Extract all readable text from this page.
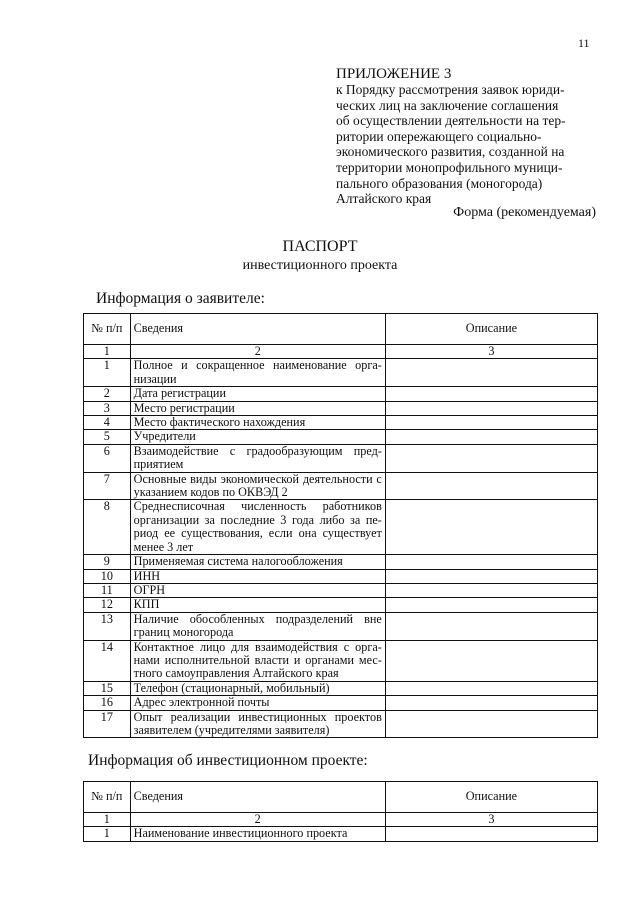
11
ПРИЛОЖЕНИЕ 3
к Порядку рассмотрения заявок юриди-
ческих лиц на заключение соглашения
об осуществлении деятельности на тер-
ритории опережающего социально-
экономического развития, созданной на
территории монопрофильного муници-
пального образования (моногорода)
Алтайского края
Форма (рекомендуемая)
ПАСПОРТ
инвестиционного проекта
Информация о заявителе:
№ п/п	Сведения	Описание
1	2	3
1	Полное и сокращенное наименование орга-низации	
2	Дата регистрации	
3	Место регистрации	
4	Место фактического нахождения	
5	Учредители	
6	Взаимодействие с градообразующим пред-приятием	
7	Основные виды экономической деятельности с указанием кодов по ОКВЭД 2	
8	Среднесписочная численность работников организации за последние 3 года либо за пе-риод ее существования, если она существует менее 3 лет	
9	Применяемая система налогообложения	
10	ИНН	
11	ОГРН	
12	КПП	
13	Наличие обособленных подразделений вне границ моногорода	
14	Контактное лицо для взаимодействия с орга-нами исполнительной власти и органами мес-тного самоуправления Алтайского края	
15	Телефон (стационарный, мобильный)	
16	Адрес электронной почты	
17	Опыт реализации инвестиционных проектов заявителем (учредителями заявителя)	
Информация об инвестиционном проекте:
№ п/п	Сведения	Описание
1	2	3
1	Наименование инвестиционного проекта	
